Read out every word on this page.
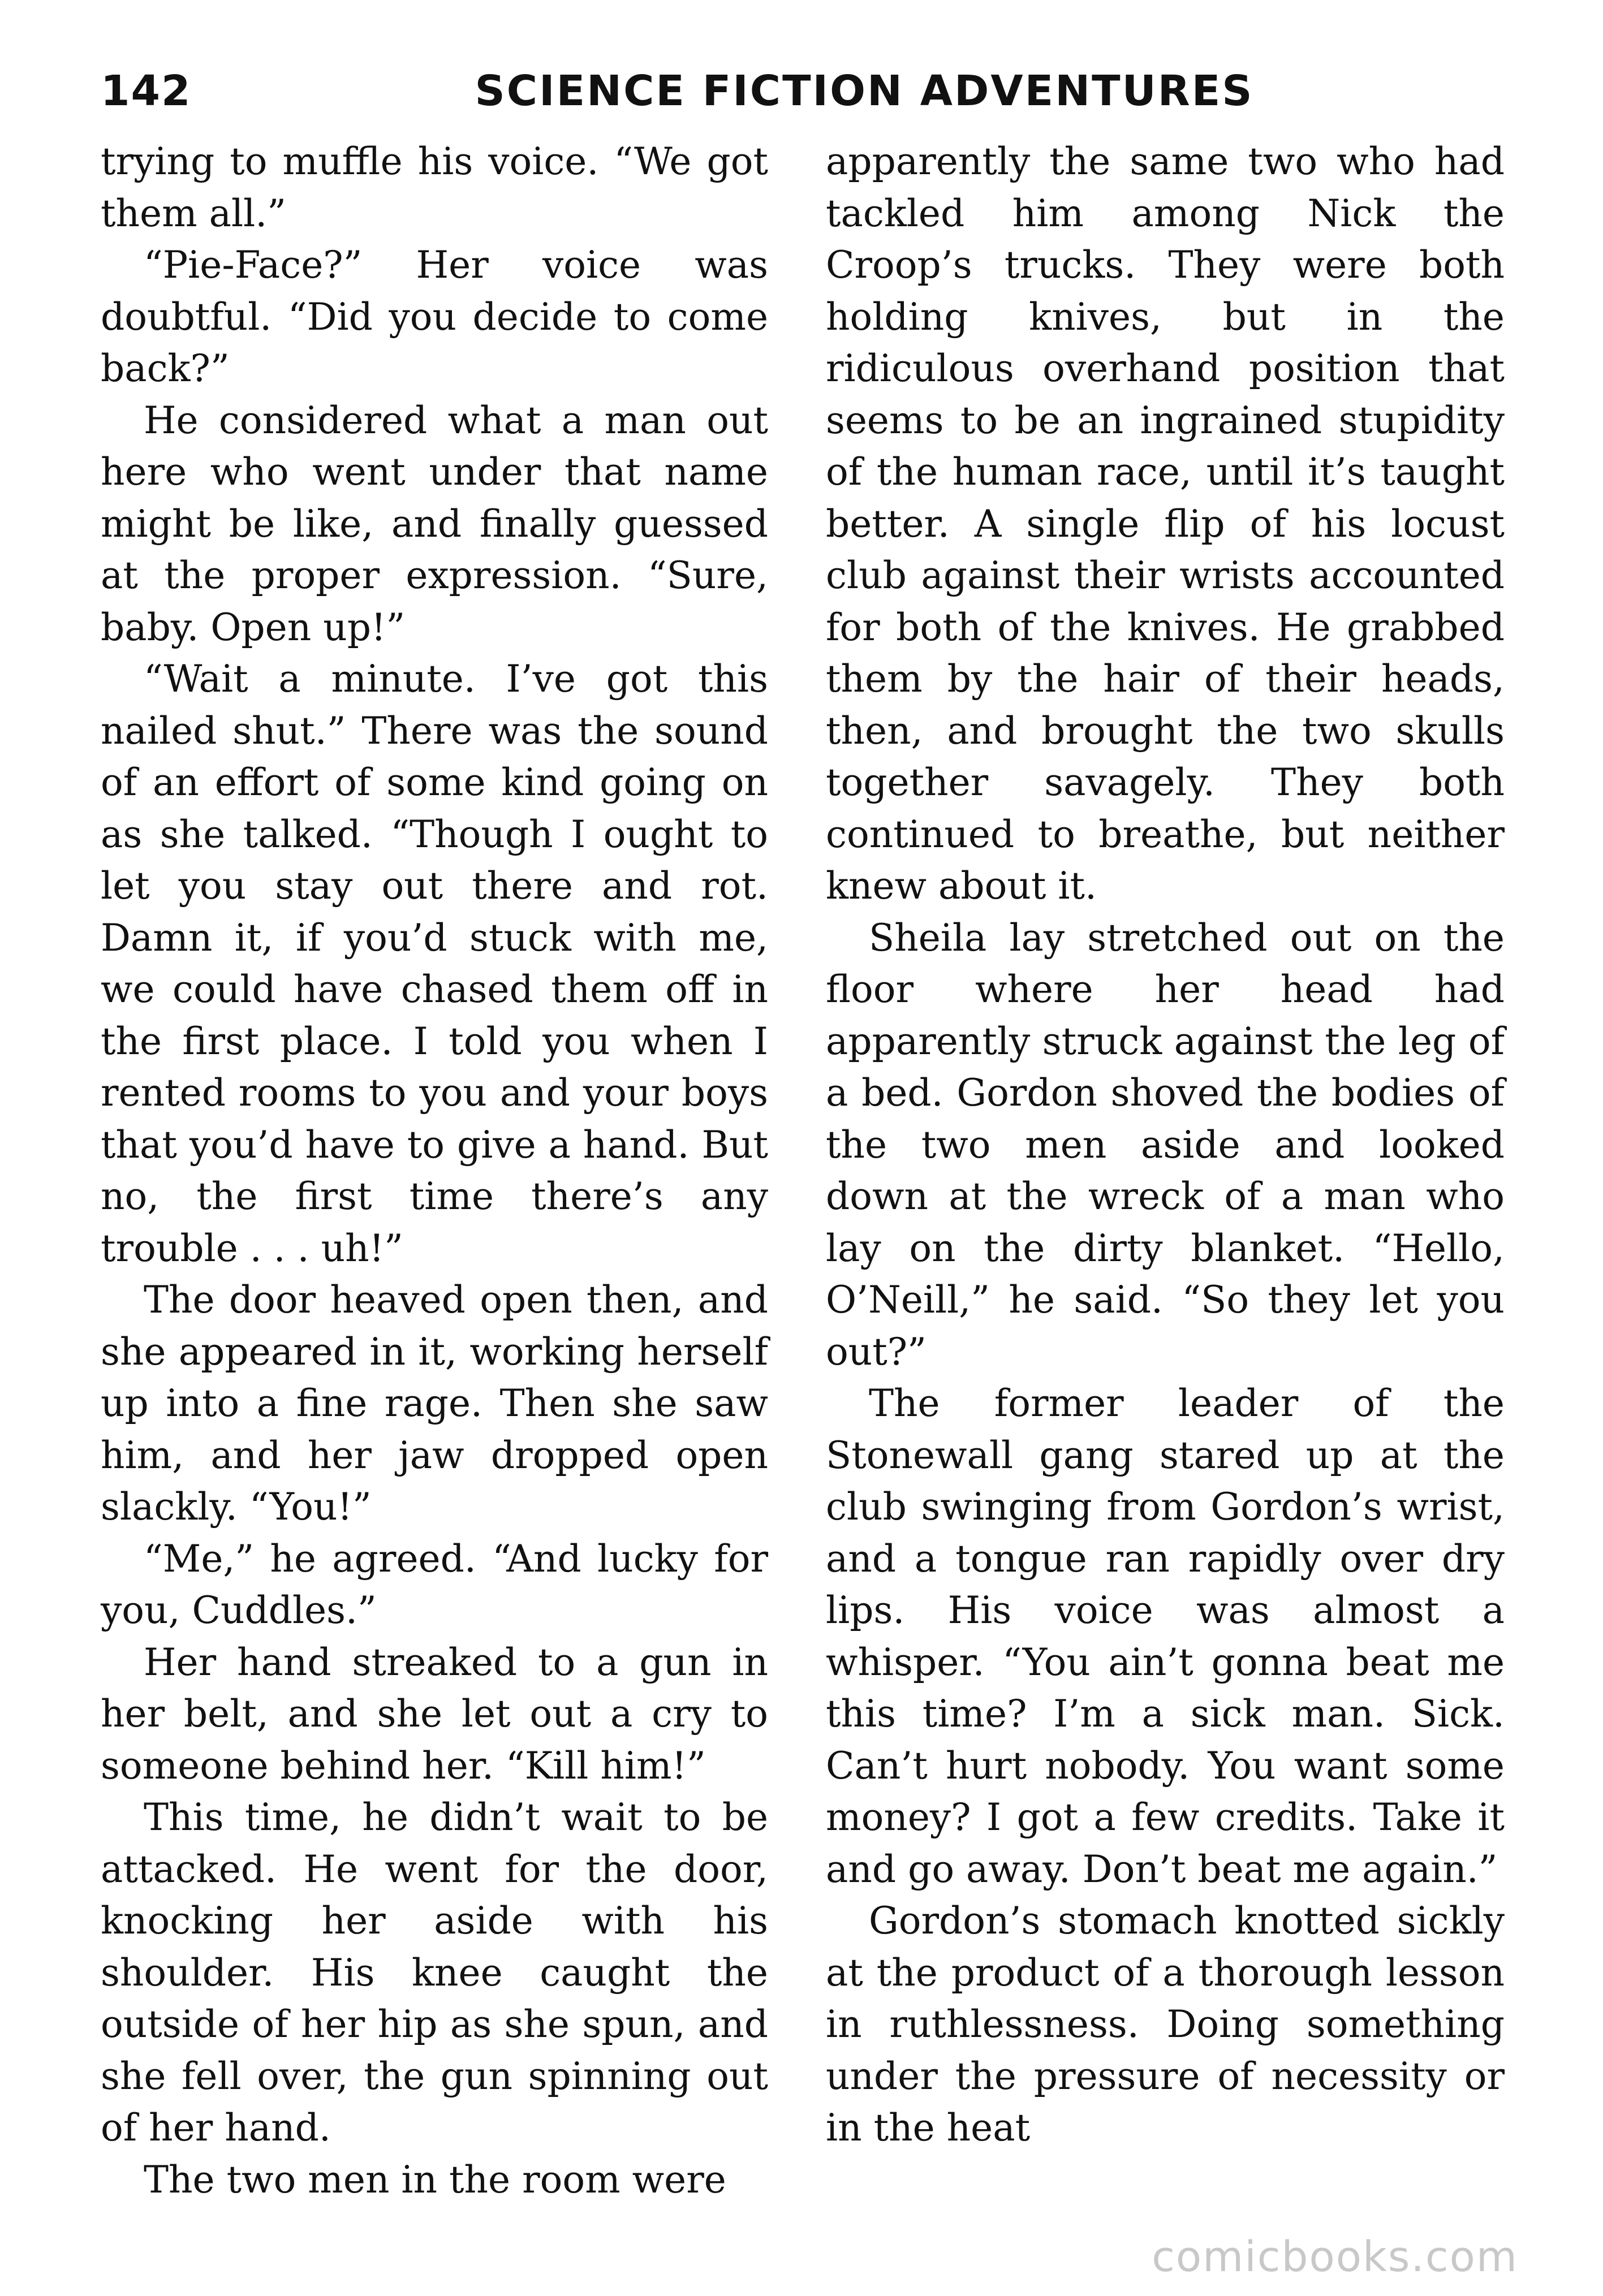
142	SCIENCE FICTION ADVENTURES

trying to muffle his voice. “We got them all.”

“Pie-Face?” Her voice was doubtful. “Did you decide to come back?”

He considered what a man out here who went under that name might be like, and finally guessed at the proper expression. “Sure, baby. Open up!”

“Wait a minute. I’ve got this nailed shut.” There was the sound of an effort of some kind going on as she talked. “Though I ought to let you stay out there and rot. Damn it, if you’d stuck with me, we could have chased them off in the first place. I told you when I rented rooms to you and your boys that you’d have to give a hand. But no, the first time there’s any trouble . . . uh!”

The door heaved open then, and she appeared in it, working herself up into a fine rage. Then she saw him, and her jaw dropped open slackly. “You!”

“Me,” he agreed. “And lucky for you, Cuddles.”

Her hand streaked to a gun in her belt, and she let out a cry to someone behind her. “Kill him!”

This time, he didn’t wait to be attacked. He went for the door, knocking her aside with his shoulder. His knee caught the outside of her hip as she spun, and she fell over, the gun spinning out of her hand.

The two men in the room were

apparently the same two who had tackled him among Nick the Croop’s trucks. They were both holding knives, but in the ridiculous overhand position that seems to be an ingrained stupidity of the human race, until it’s taught better. A single flip of his locust club against their wrists accounted for both of the knives. He grabbed them by the hair of their heads, then, and brought the two skulls together savagely. They both continued to breathe, but neither knew about it.

Sheila lay stretched out on the floor where her head had apparently struck against the leg of a bed. Gordon shoved the bodies of the two men aside and looked down at the wreck of a man who lay on the dirty blanket. “Hello, O’Neill,” he said. “So they let you out?”

The former leader of the Stonewall gang stared up at the club swinging from Gordon’s wrist, and a tongue ran rapidly over dry lips. His voice was almost a whisper. “You ain’t gonna beat me this time? I’m a sick man. Sick. Can’t hurt nobody. You want some money? I got a few credits. Take it and go away. Don’t beat me again.”

Gordon’s stomach knotted sickly at the product of a thorough lesson in ruthlessness. Doing something under the pressure of necessity or in the heat

comicbooks.com
